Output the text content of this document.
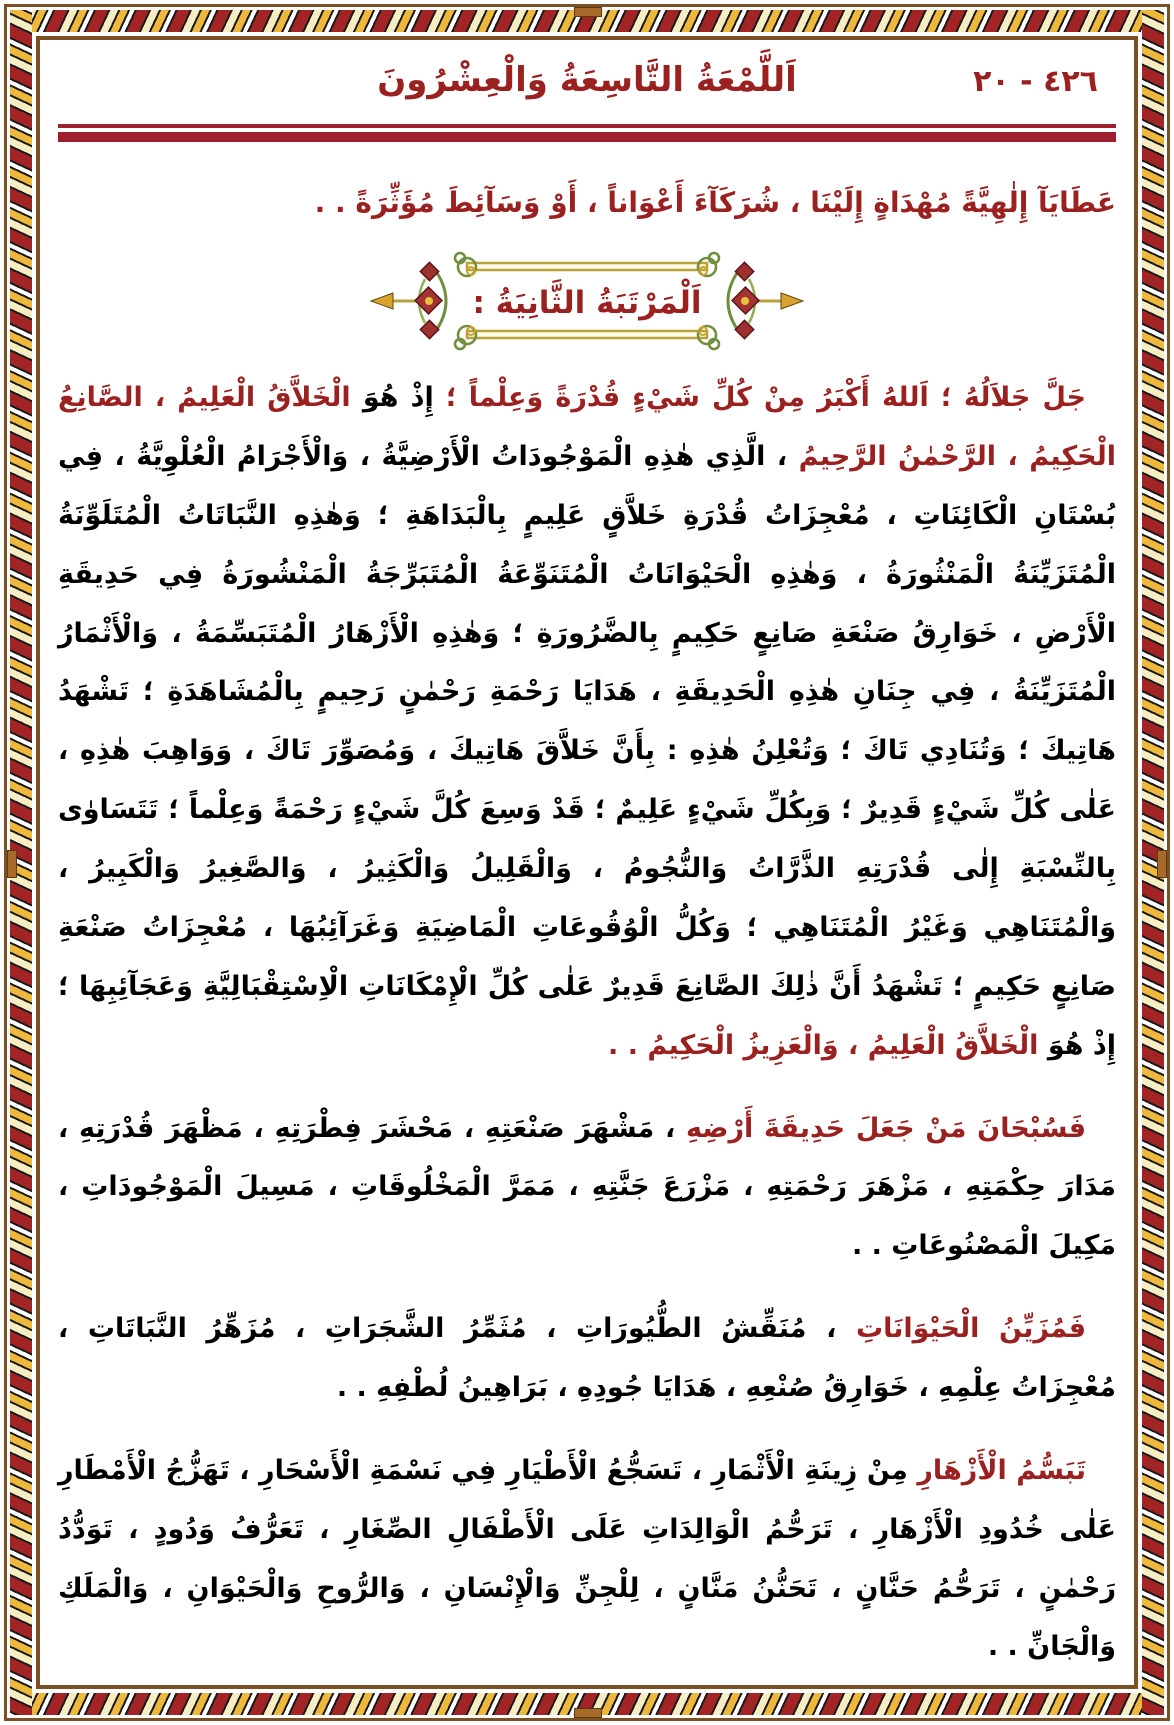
اَللَّمْعَةُ التَّاسِعَةُ وَالْعِشْرُونَ	٤٢٦ - ٢٠

عَطَايَآ إِلٰهِيَّةً مُهْدَاةٍ إِلَيْنَا ، شُرَكَآءَ أَعْوَاناً ، أَوْ وَسَآئِطَ مُؤَثِّرَةً . .

اَلْمَرْتَبَةُ الثَّانِيَةُ :

جَلَّ جَلاَلُهُ ؛ اَللهُ أَكْبَرُ مِنْ كُلِّ شَيْءٍ قُدْرَةً وَعِلْماً ؛ إِذْ هُوَ الْخَلاَّقُ الْعَلِيمُ ، الصَّانِعُ الْحَكِيمُ ، الرَّحْمٰنُ الرَّحِيمُ ، الَّذِي هٰذِهِ الْمَوْجُودَاتُ الْأَرْضِيَّةُ ، وَالْأَجْرَامُ الْعُلْوِيَّةُ ، فِي بُسْتَانِ الْكَائِنَاتِ ، مُعْجِزَاتُ قُدْرَةِ خَلاَّقٍ عَلِيمٍ بِالْبَدَاهَةِ ؛ وَهٰذِهِ النَّبَاتَاتُ الْمُتَلَوِّنَةُ الْمُتَزَيِّنَةُ الْمَنْثُورَةُ ، وَهٰذِهِ الْحَيْوَانَاتُ الْمُتَنَوِّعَةُ الْمُتَبَرِّجَةُ الْمَنْشُورَةُ فِي حَدِيقَةِ الْأَرْضِ ، خَوَارِقُ صَنْعَةِ صَانِعٍ حَكِيمٍ بِالضَّرُورَةِ ؛ وَهٰذِهِ الْأَزْهَارُ الْمُتَبَسِّمَةُ ، وَالْأَثْمَارُ الْمُتَزَيِّنَةُ ، فِي جِنَانِ هٰذِهِ الْحَدِيقَةِ ، هَدَايَا رَحْمَةِ رَحْمٰنٍ رَحِيمٍ بِالْمُشَاهَدَةِ ؛ تَشْهَدُ هَاتِيكَ ؛ وَتُنَادِي تَاكَ ؛ وَتُعْلِنُ هٰذِهِ : بِأَنَّ خَلاَّقَ هَاتِيكَ ، وَمُصَوِّرَ تَاكَ ، وَوَاهِبَ هٰذِهِ ، عَلٰى كُلِّ شَيْءٍ قَدِيرٌ ؛ وَبِكُلِّ شَيْءٍ عَلِيمٌ ؛ قَدْ وَسِعَ كُلَّ شَيْءٍ رَحْمَةً وَعِلْماً ؛ تَتَسَاوٰى بِالنِّسْبَةِ إِلٰى قُدْرَتِهِ الذَّرَّاتُ وَالنُّجُومُ ، وَالْقَلِيلُ وَالْكَثِيرُ ، وَالصَّغِيرُ وَالْكَبِيرُ ، وَالْمُتَنَاهِي وَغَيْرُ الْمُتَنَاهِي ؛ وَكُلُّ الْوُقُوعَاتِ الْمَاضِيَةِ وَغَرَآئِبُهَا ، مُعْجِزَاتُ صَنْعَةِ صَانِعٍ حَكِيمٍ ؛ تَشْهَدُ أَنَّ ذٰلِكَ الصَّانِعَ قَدِيرٌ عَلٰى كُلِّ الْإِمْكَانَاتِ الْاِسْتِقْبَالِيَّةِ وَعَجَآئِبِهَا ؛ إِذْ هُوَ الْخَلاَّقُ الْعَلِيمُ ، وَالْعَزِيزُ الْحَكِيمُ . .

فَسُبْحَانَ مَنْ جَعَلَ حَدِيقَةَ أَرْضِهِ ، مَشْهَرَ صَنْعَتِهِ ، مَحْشَرَ فِطْرَتِهِ ، مَظْهَرَ قُدْرَتِهِ ، مَدَارَ حِكْمَتِهِ ، مَزْهَرَ رَحْمَتِهِ ، مَزْرَعَ جَنَّتِهِ ، مَمَرَّ الْمَخْلُوقَاتِ ، مَسِيلَ الْمَوْجُودَاتِ ، مَكِيلَ الْمَصْنُوعَاتِ . .

فَمُزَيِّنُ الْحَيْوَانَاتِ ، مُنَقِّشُ الطُّيُورَاتِ ، مُثَمِّرُ الشَّجَرَاتِ ، مُزَهِّرُ النَّبَاتَاتِ ، مُعْجِزَاتُ عِلْمِهِ ، خَوَارِقُ صُنْعِهِ ، هَدَايَا جُودِهِ ، بَرَاهِينُ لُطْفِهِ . .

تَبَسُّمُ الْأَزْهَارِ مِنْ زِينَةِ الْأَثْمَارِ ، تَسَجُّعُ الْأَطْيَارِ فِي نَسْمَةِ الْأَسْحَارِ ، تَهَزُّجُ الْأَمْطَارِ عَلٰى خُدُودِ الْأَزْهَارِ ، تَرَحُّمُ الْوَالِدَاتِ عَلَى الْأَطْفَالِ الصِّغَارِ ، تَعَرُّفُ وَدُودٍ ، تَوَدُّدُ رَحْمٰنٍ ، تَرَحُّمُ حَنَّانٍ ، تَحَنُّنُ مَنَّانٍ ، لِلْجِنِّ وَالْإِنْسَانِ ، وَالرُّوحِ وَالْحَيْوَانِ ، وَالْمَلَكِ وَالْجَانِّ . .
